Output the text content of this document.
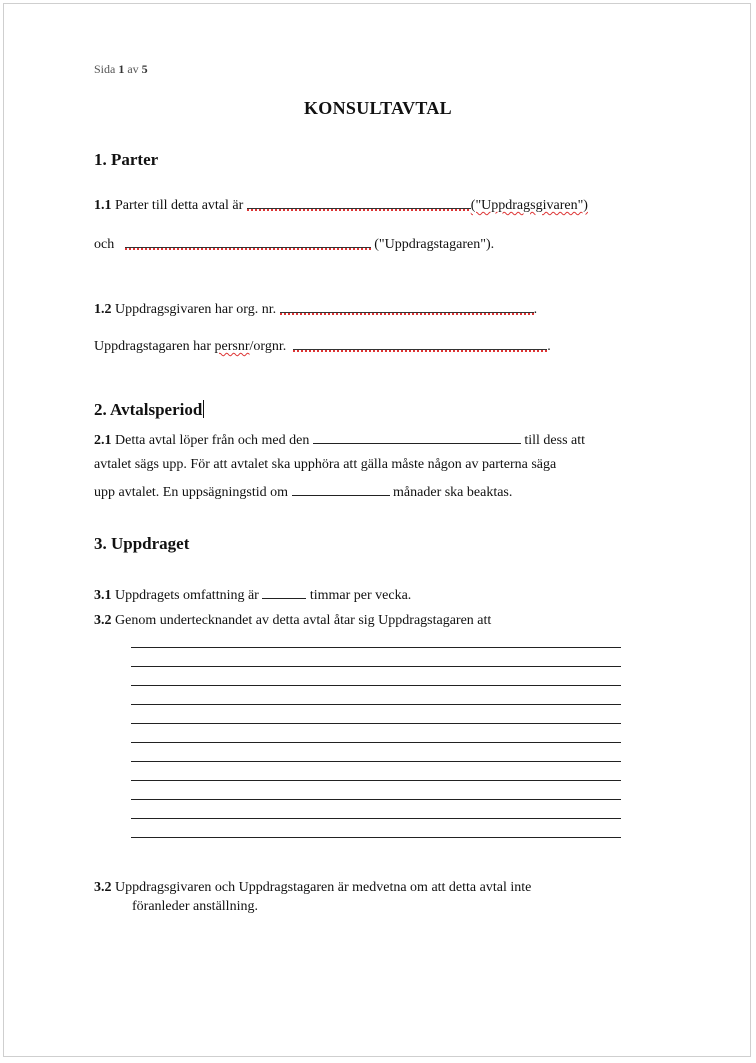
Sida 1 av 5
KONSULTAVTAL
1. Parter
1.1 Parter till detta avtal är	("Uppdragsgivaren")
och	("Uppdragstagaren").
1.2 Uppdragsgivaren har org. nr.	.
Uppdragstagaren har persnr/orgnr.	.
2. Avtalsperiod
2.1 Detta avtal löper från och med den	till dess att
avtalet sägs upp. För att avtalet ska upphöra att gälla måste någon av parterna säga
upp avtalet. En uppsägningstid om	månader ska beaktas.
3. Uppdraget
3.1 Uppdragets omfattning är	timmar per vecka.
3.2 Genom undertecknandet av detta avtal åtar sig Uppdragstagaren att
3.2 Uppdragsgivaren och Uppdragstagaren är medvetna om att detta avtal inte
föranleder anställning.
